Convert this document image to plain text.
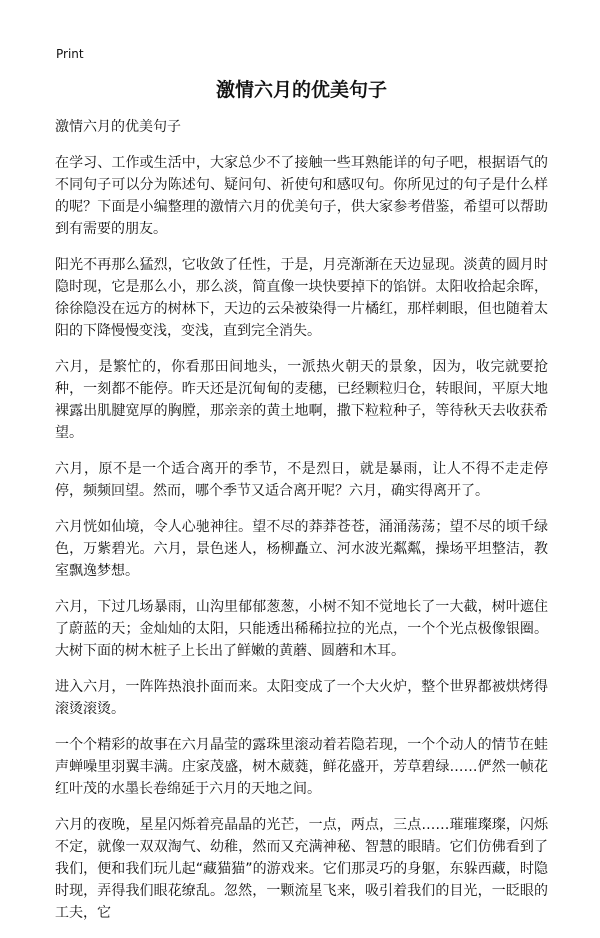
Print
激情六月的优美句子
激情六月的优美句子
在学习、工作或生活中，大家总少不了接触一些耳熟能详的句子吧，根据语气的不同句子可以分为陈述句、疑问句、祈使句和感叹句。你所见过的句子是什么样的呢？下面是小编整理的激情六月的优美句子，供大家参考借鉴，希望可以帮助到有需要的朋友。
阳光不再那么猛烈，它收敛了任性，于是，月亮渐渐在天边显现。淡黄的圆月时隐时现，它是那么小，那么淡，简直像一块快要掉下的馅饼。太阳收拾起余晖，徐徐隐没在远方的树林下，天边的云朵被染得一片橘红，那样刺眼，但也随着太阳的下降慢慢变浅，变浅，直到完全消失。
六月，是繁忙的，你看那田间地头，一派热火朝天的景象，因为，收完就要抢种，一刻都不能停。昨天还是沉甸甸的麦穗，已经颗粒归仓，转眼间，平原大地裸露出肌腱宽厚的胸膛，那亲亲的黄土地啊，撒下粒粒种子，等待秋天去收获希望。
六月，原不是一个适合离开的季节，不是烈日，就是暴雨，让人不得不走走停停，频频回望。然而，哪个季节又适合离开呢？六月，确实得离开了。
六月恍如仙境，令人心驰神往。望不尽的莽莽苍苍，涌涌荡荡；望不尽的顷千绿色，万紫碧光。六月，景色迷人，杨柳矗立、河水波光粼粼，操场平坦整洁，教室飘逸梦想。
六月，下过几场暴雨，山沟里郁郁葱葱，小树不知不觉地长了一大截，树叶遮住了蔚蓝的天；金灿灿的太阳，只能透出稀稀拉拉的光点，一个个光点极像银圈。大树下面的树木桩子上长出了鲜嫩的黄蘑、圆蘑和木耳。
进入六月，一阵阵热浪扑面而来。太阳变成了一个大火炉，整个世界都被烘烤得滚烫滚烫。
一个个精彩的故事在六月晶莹的露珠里滚动着若隐若现，一个个动人的情节在蛙声蝉噪里羽翼丰满。庄家茂盛，树木葳蕤，鲜花盛开，芳草碧绿……俨然一帧花红叶茂的水墨长卷绵延于六月的天地之间。
六月的夜晚，星星闪烁着亮晶晶的光芒，一点，两点，三点……璀璀璨璨，闪烁不定，就像一双双淘气、幼稚，然而又充满神秘、智慧的眼睛。它们仿佛看到了我们，便和我们玩儿起“藏猫猫”的游戏来。它们那灵巧的身躯，东躲西藏，时隐时现，弄得我们眼花缭乱。忽然，一颗流星飞来，吸引着我们的目光，一眨眼的工夫，它
